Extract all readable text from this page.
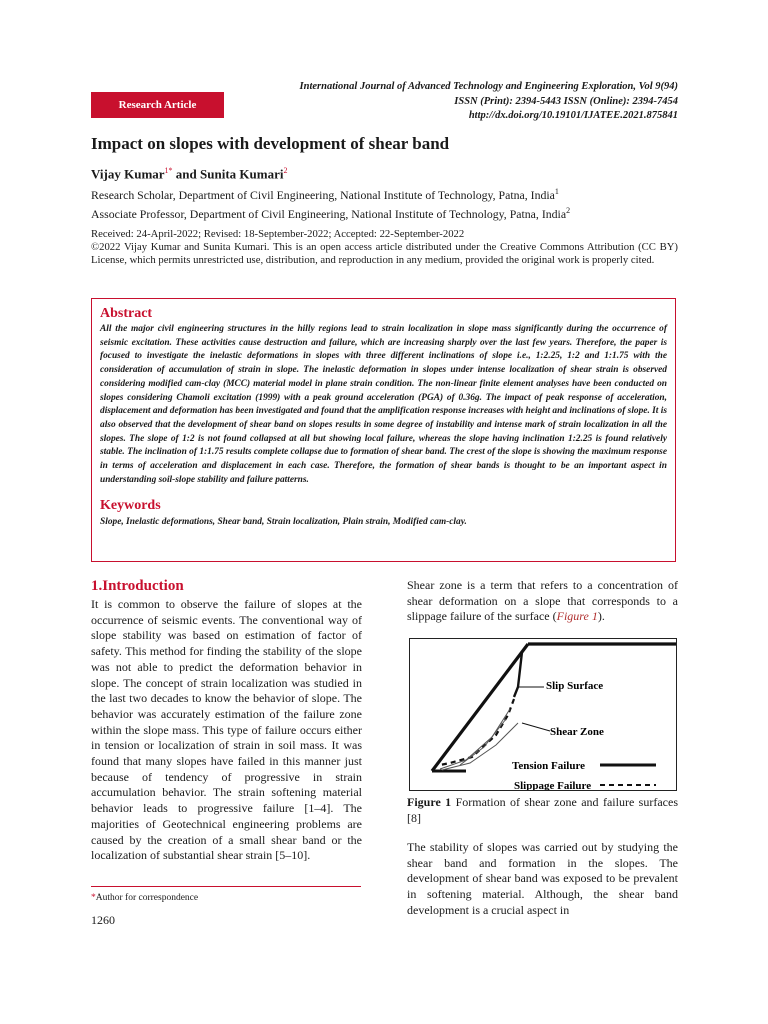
International Journal of Advanced Technology and Engineering Exploration, Vol 9(94)
ISSN (Print): 2394-5443 ISSN (Online): 2394-7454
http://dx.doi.org/10.19101/IJATEE.2021.875841
Research Article
Impact on slopes with development of shear band
Vijay Kumar$^{1*}$ and Sunita Kumari$^2$
Research Scholar, Department of Civil Engineering, National Institute of Technology, Patna, India$^1$
Associate Professor, Department of Civil Engineering, National Institute of Technology, Patna, India$^2$
Received: 24-April-2022; Revised: 18-September-2022; Accepted: 22-September-2022
©2022 Vijay Kumar and Sunita Kumari. This is an open access article distributed under the Creative Commons Attribution (CC BY) License, which permits unrestricted use, distribution, and reproduction in any medium, provided the original work is properly cited.
Abstract

All the major civil engineering structures in the hilly regions lead to strain localization in slope mass significantly during the occurrence of seismic excitation. These activities cause destruction and failure, which are increasing sharply over the last few years. Therefore, the paper is focused to investigate the inelastic deformations in slopes with three different inclinations of slope i.e., 1:2.25, 1:2 and 1:1.75 with the consideration of accumulation of strain in slope. The inelastic deformation in slopes under intense localization of shear strain is observed considering modified cam-clay (MCC) material model in plane strain condition. The non-linear finite element analyses have been conducted on slopes considering Chamoli excitation (1999) with a peak ground acceleration (PGA) of 0.36g. The impact of peak response of acceleration, displacement and deformation has been investigated and found that the amplification response increases with height and inclinations of slope. It is also observed that the development of shear band on slopes results in some degree of instability and intense mark of strain localization in all the slopes. The slope of 1:2 is not found collapsed at all but showing local failure, whereas the slope having inclination 1:2.25 is found relatively stable. The inclination of 1:1.75 results complete collapse due to formation of shear band. The crest of the slope is showing the maximum response in terms of acceleration and displacement in each case. Therefore, the formation of shear bands is thought to be an important aspect in understanding soil-slope stability and failure patterns.

Keywords

Slope, Inelastic deformations, Shear band, Strain localization, Plain strain, Modified cam-clay.

1.Introduction

It is common to observe the failure of slopes at the occurrence of seismic events. The conventional way of slope stability was based on estimation of factor of safety. This method for finding the stability of the slope was not able to predict the deformation behavior in slope. The concept of strain localization was studied in the last two decades to know the behavior of slope. The behavior was accurately estimation of the failure zone within the slope mass. This type of failure occurs either in tension or localization of strain in soil mass. It was found that many slopes have failed in this manner just because of tendency of progressive in strain accumulation behavior. The strain softening material behavior leads to progressive failure [1–4]. The majorities of Geotechnical engineering problems are caused by the creation of a small shear band or the localization of substantial shear strain [5–10].

Shear zone is a term that refers to a concentration of shear deformation on a slope that corresponds to a slippage failure of the surface (Figure 1).

Slip Surface
Shear Zone
Tension Failure
Slippage Failure
Figure 1 Formation of shear zone and failure surfaces [8]

The stability of slopes was carried out by studying the shear band and formation in the slopes. The development of shear band was exposed to be prevalent in softening material. Although, the shear band development is a crucial aspect in

*Author for correspondence
1260
